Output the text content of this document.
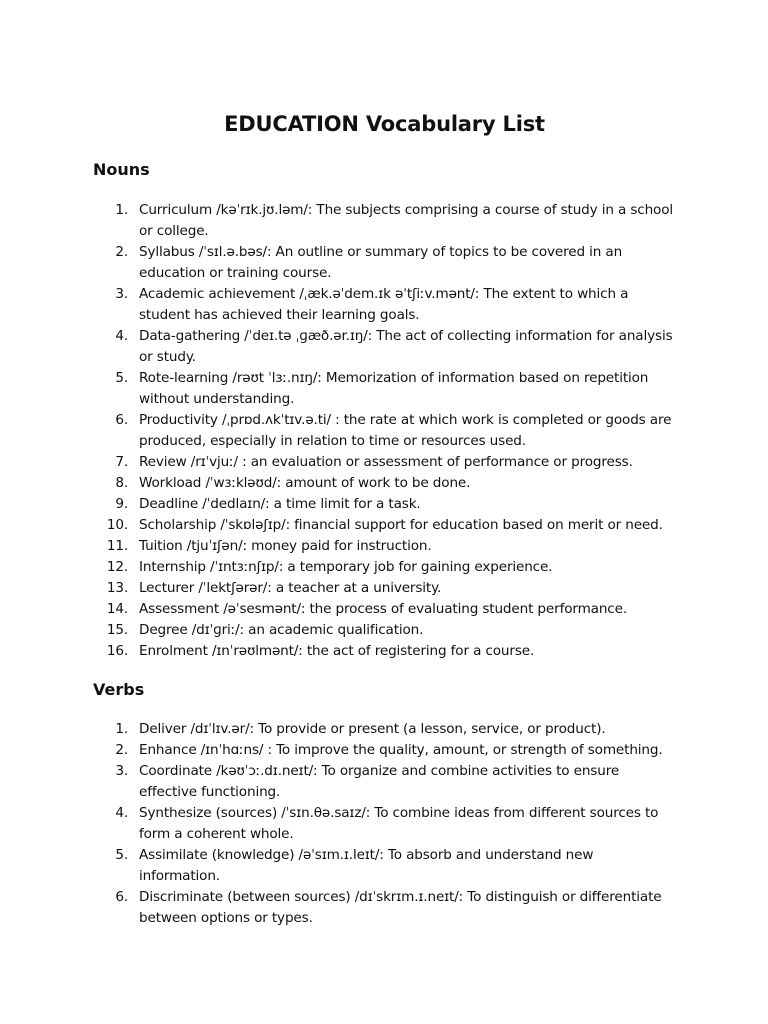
EDUCATION Vocabulary List
Nouns
1. Curriculum /kəˈrɪk.jʊ.ləm/: The subjects comprising a course of study in a school or college.
2. Syllabus /ˈsɪl.ə.bəs/: An outline or summary of topics to be covered in an education or training course.
3. Academic achievement /ˌæk.əˈdem.ɪk əˈtʃiːv.mənt/: The extent to which a student has achieved their learning goals.
4. Data-gathering /ˈdeɪ.tə ˌɡæð.ər.ɪŋ/: The act of collecting information for analysis or study.
5. Rote-learning /rəʊt ˈlɜː.nɪŋ/: Memorization of information based on repetition without understanding.
6. Productivity /ˌprɒd.ʌkˈtɪv.ə.ti/ : the rate at which work is completed or goods are produced, especially in relation to time or resources used.
7. Review /rɪˈvjuː/ : an evaluation or assessment of performance or progress.
8. Workload /ˈwɜːkləʊd/: amount of work to be done.
9. Deadline /ˈdedlaɪn/: a time limit for a task.
10. Scholarship /ˈskɒləʃɪp/: financial support for education based on merit or need.
11. Tuition /tjuˈɪʃən/: money paid for instruction.
12. Internship /ˈɪntɜːnʃɪp/: a temporary job for gaining experience.
13. Lecturer /ˈlektʃərər/: a teacher at a university.
14. Assessment /əˈsesmənt/: the process of evaluating student performance.
15. Degree /dɪˈɡriː/: an academic qualification.
16. Enrolment /ɪnˈrəʊlmənt/: the act of registering for a course.
Verbs
1. Deliver /dɪˈlɪv.ər/: To provide or present (a lesson, service, or product).
2. Enhance /ɪnˈhɑːns/ : To improve the quality, amount, or strength of something.
3. Coordinate /kəʊˈɔː.dɪ.neɪt/: To organize and combine activities to ensure effective functioning.
4. Synthesize (sources) /ˈsɪn.θə.saɪz/: To combine ideas from different sources to form a coherent whole.
5. Assimilate (knowledge) /əˈsɪm.ɪ.leɪt/: To absorb and understand new information.
6. Discriminate (between sources) /dɪˈskrɪm.ɪ.neɪt/: To distinguish or differentiate between options or types.
